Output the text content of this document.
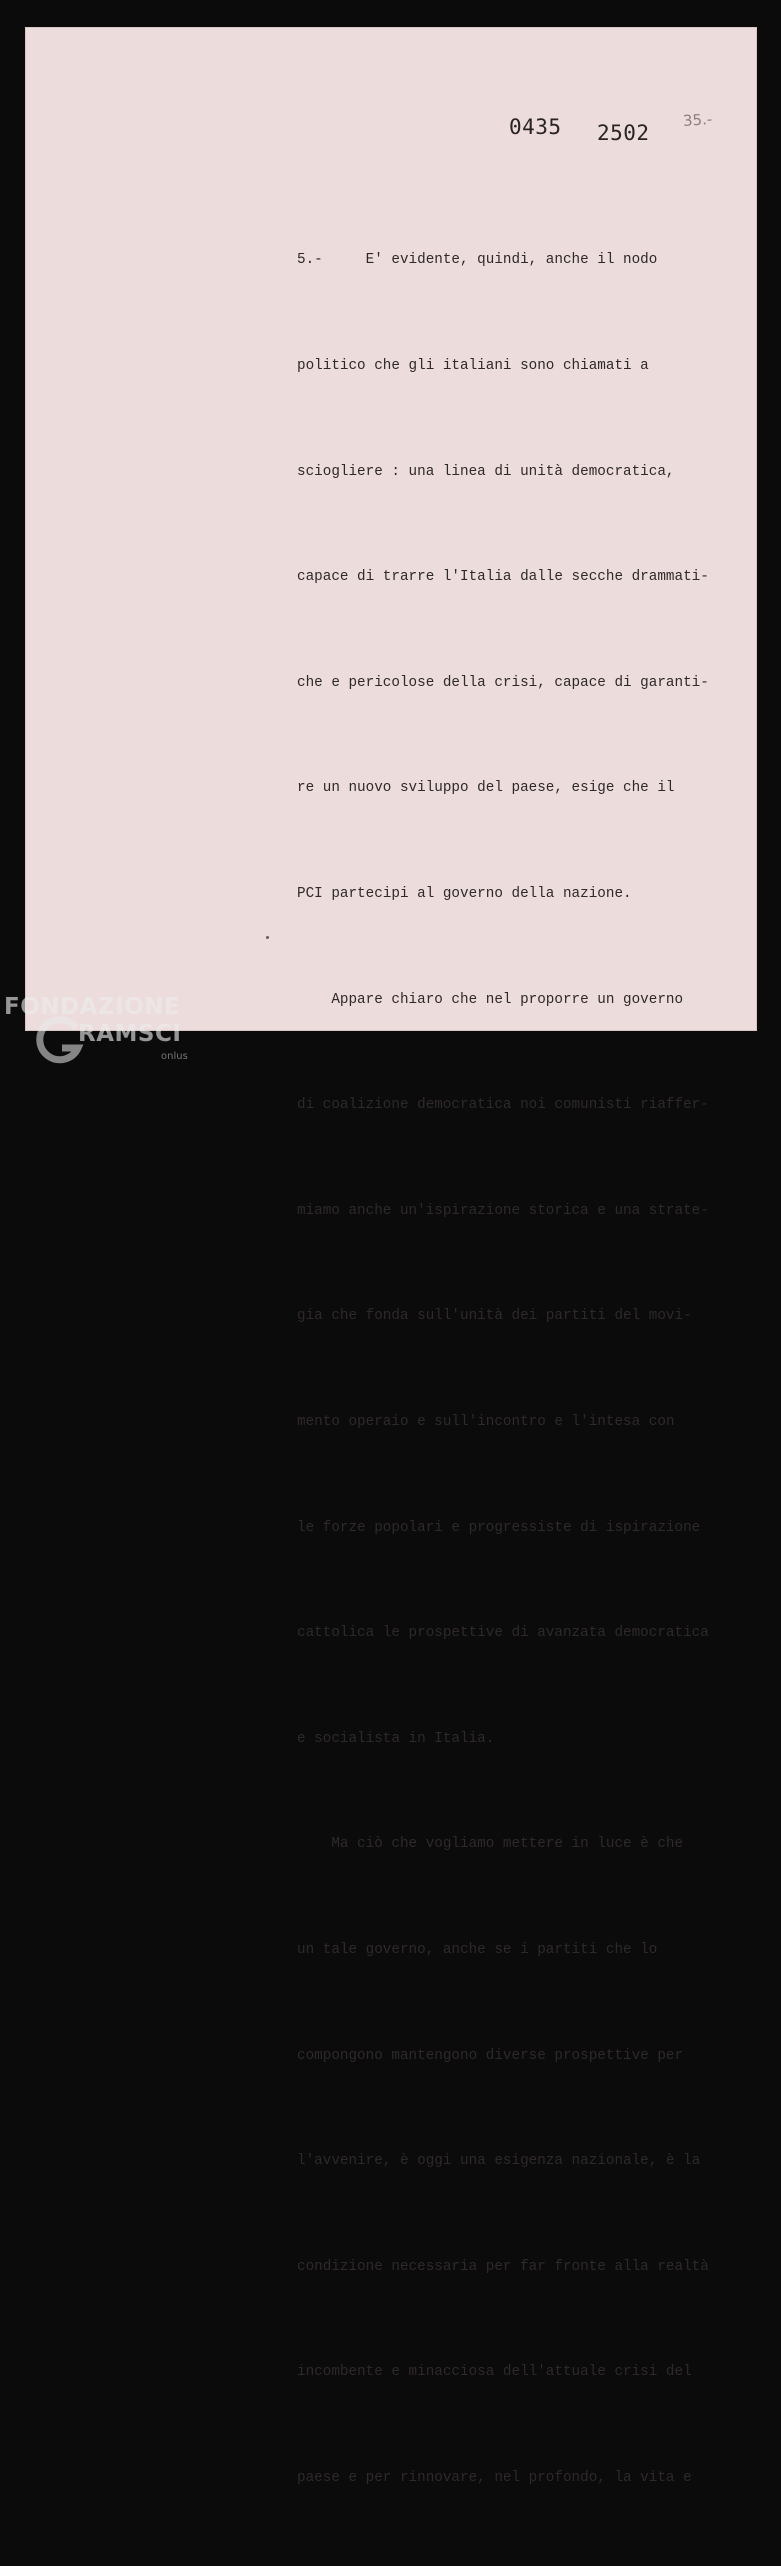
0435 2502
35.-

5.-     E' evidente, quindi, anche il nodo

politico che gli italiani sono chiamati a

sciogliere : una linea di unità democratica,

capace di trarre l'Italia dalle secche drammati-

che e pericolose della crisi, capace di garanti-

re un nuovo sviluppo del paese, esige che il

PCI partecipi al governo della nazione.

Appare chiaro che nel proporre un governo

di coalizione democratica noi comunisti riaffer-

miamo anche un'ispirazione storica e una strate-

gia che fonda sull'unità dei partiti del movi-

mento operaio e sull'incontro e l'intesa con

le forze popolari e progressiste di ispirazione

cattolica le prospettive di avanzata democratica

e socialista in Italia.

Ma ciò che vogliamo mettere in luce è che

un tale governo, anche se i partiti che lo

compongono mantengono diverse prospettive per

l'avvenire, è oggi una esigenza nazionale, è la

condizione necessaria per far fronte alla realtà

incombente e minacciosa dell'attuale crisi del

paese e per rinnovare, nel profondo, la vita e

FONDAZIONE
RAMSCI
onlus
